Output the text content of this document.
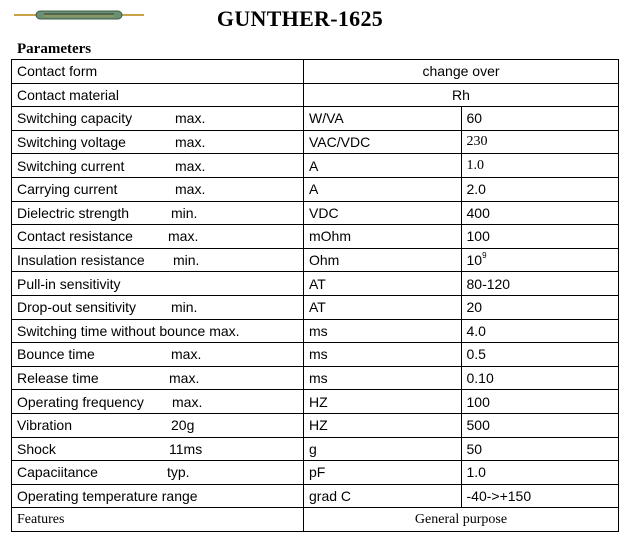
GUNTHER-1625
Parameters
Contact form	change over	
Contact material	Rh	
Switching capacity max.	W/VA	60
Switching voltage max.	VAC/VDC	230
Switching current max.	A	1.0
Carrying current max.	A	2.0
Dielectric strength min.	VDC	400
Contact resistance max.	mOhm	100
Insulation resistance min.	Ohm	$10^9$
Pull-in sensitivity	AT	80-120
Drop-out sensitivity min.	AT	20
Switching time without bounce max.	ms	4.0
Bounce time max.	ms	0.5
Release time max.	ms	0.10
Operating frequency max.	HZ	100
Vibration 20g	HZ	500
Shock 11ms	g	50
Capaciitance typ.	pF	1.0
Operating temperature range	grad C	-40->+150
Features	General purpose	
